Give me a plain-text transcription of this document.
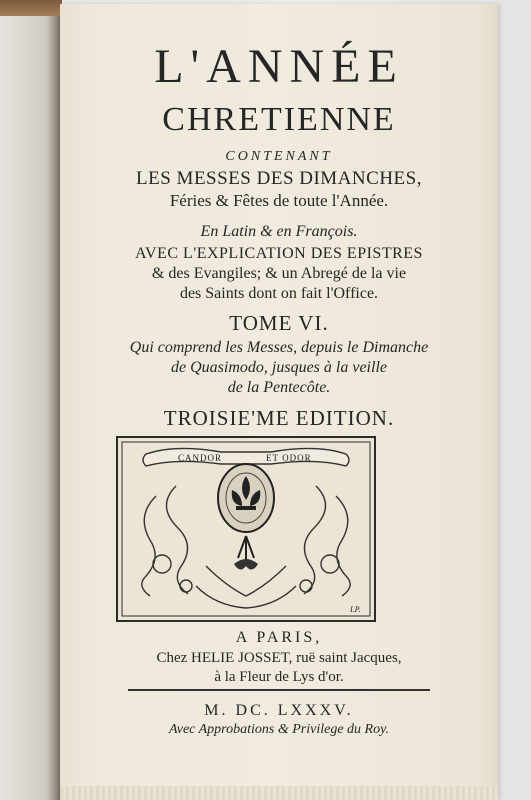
L'ANNÉE
CHRETIENNE
CONTENANT
LES MESSES DES DIMANCHES,
Féries & Fêtes de toute l'Année.
En Latin & en François.
AVEC L'EXPLICATION DES EPISTRES
& des Evangiles; & un Abregé de la vie
des Saints dont on fait l'Office.
TOME VI.
Qui comprend les Messes, depuis le Dimanche
de Quasimodo, jusques à la veille
de la Pentecôte.
TROISIE'ME EDITION.
CANDOR	ET ODOR
I.P.
A PARIS,
Chez HELIE JOSSET, ruë saint Jacques,
à la Fleur de Lys d'or.
M. DC. LXXXV.
Avec Approbations & Privilege du Roy.
